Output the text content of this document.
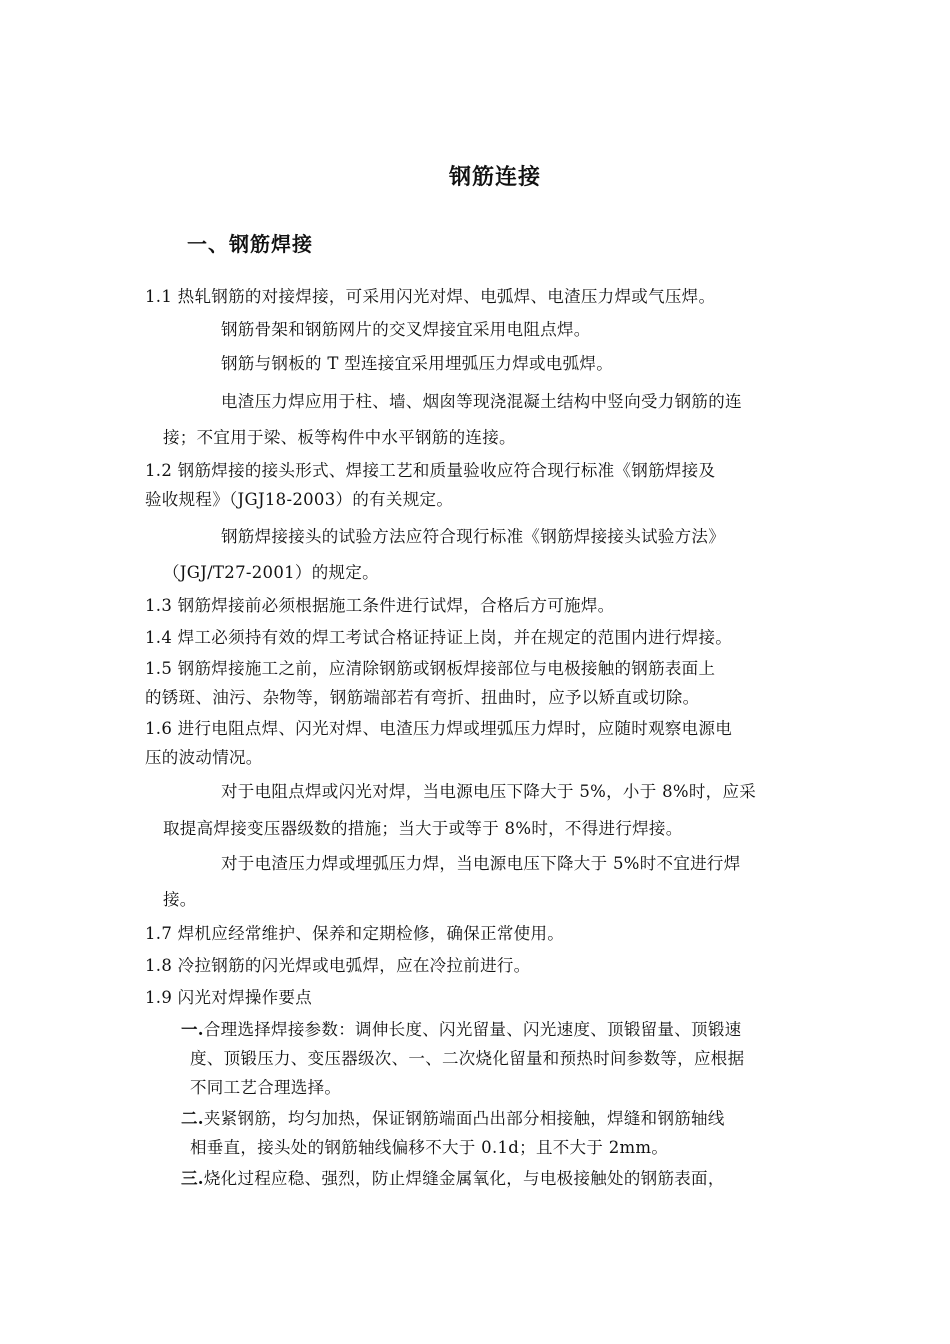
钢筋连接
一、钢筋焊接
1.1 热轧钢筋的对接焊接，可采用闪光对焊、电弧焊、电渣压力焊或气压焊。
钢筋骨架和钢筋网片的交叉焊接宜采用电阻点焊。
钢筋与钢板的 T 型连接宜采用埋弧压力焊或电弧焊。
电渣压力焊应用于柱、墙、烟囱等现浇混凝土结构中竖向受力钢筋的连
接；不宜用于梁、板等构件中水平钢筋的连接。
1.2 钢筋焊接的接头形式、焊接工艺和质量验收应符合现行标准《钢筋焊接及
验收规程》（JGJ18-2003）的有关规定。
钢筋焊接接头的试验方法应符合现行标准《钢筋焊接接头试验方法》
（JGJ/T27-2001）的规定。
1.3 钢筋焊接前必须根据施工条件进行试焊，合格后方可施焊。
1.4 焊工必须持有效的焊工考试合格证持证上岗，并在规定的范围内进行焊接。
1.5 钢筋焊接施工之前，应清除钢筋或钢板焊接部位与电极接触的钢筋表面上
的锈斑、油污、杂物等，钢筋端部若有弯折、扭曲时，应予以矫直或切除。
1.6 进行电阻点焊、闪光对焊、电渣压力焊或埋弧压力焊时，应随时观察电源电
压的波动情况。
对于电阻点焊或闪光对焊，当电源电压下降大于 5%，小于 8%时，应采
取提高焊接变压器级数的措施；当大于或等于 8%时，不得进行焊接。
对于电渣压力焊或埋弧压力焊，当电源电压下降大于 5%时不宜进行焊
接。
1.7 焊机应经常维护、保养和定期检修，确保正常使用。
1.8 冷拉钢筋的闪光焊或电弧焊，应在冷拉前进行。
1.9 闪光对焊操作要点
一.合理选择焊接参数：调伸长度、闪光留量、闪光速度、顶锻留量、顶锻速
度、顶锻压力、变压器级次、一、二次烧化留量和预热时间参数等，应根据
不同工艺合理选择。
二.夹紧钢筋，均匀加热，保证钢筋端面凸出部分相接触，焊缝和钢筋轴线
相垂直，接头处的钢筋轴线偏移不大于 0.1d；且不大于 2mm。
三.烧化过程应稳、强烈，防止焊缝金属氧化，与电极接触处的钢筋表面，
